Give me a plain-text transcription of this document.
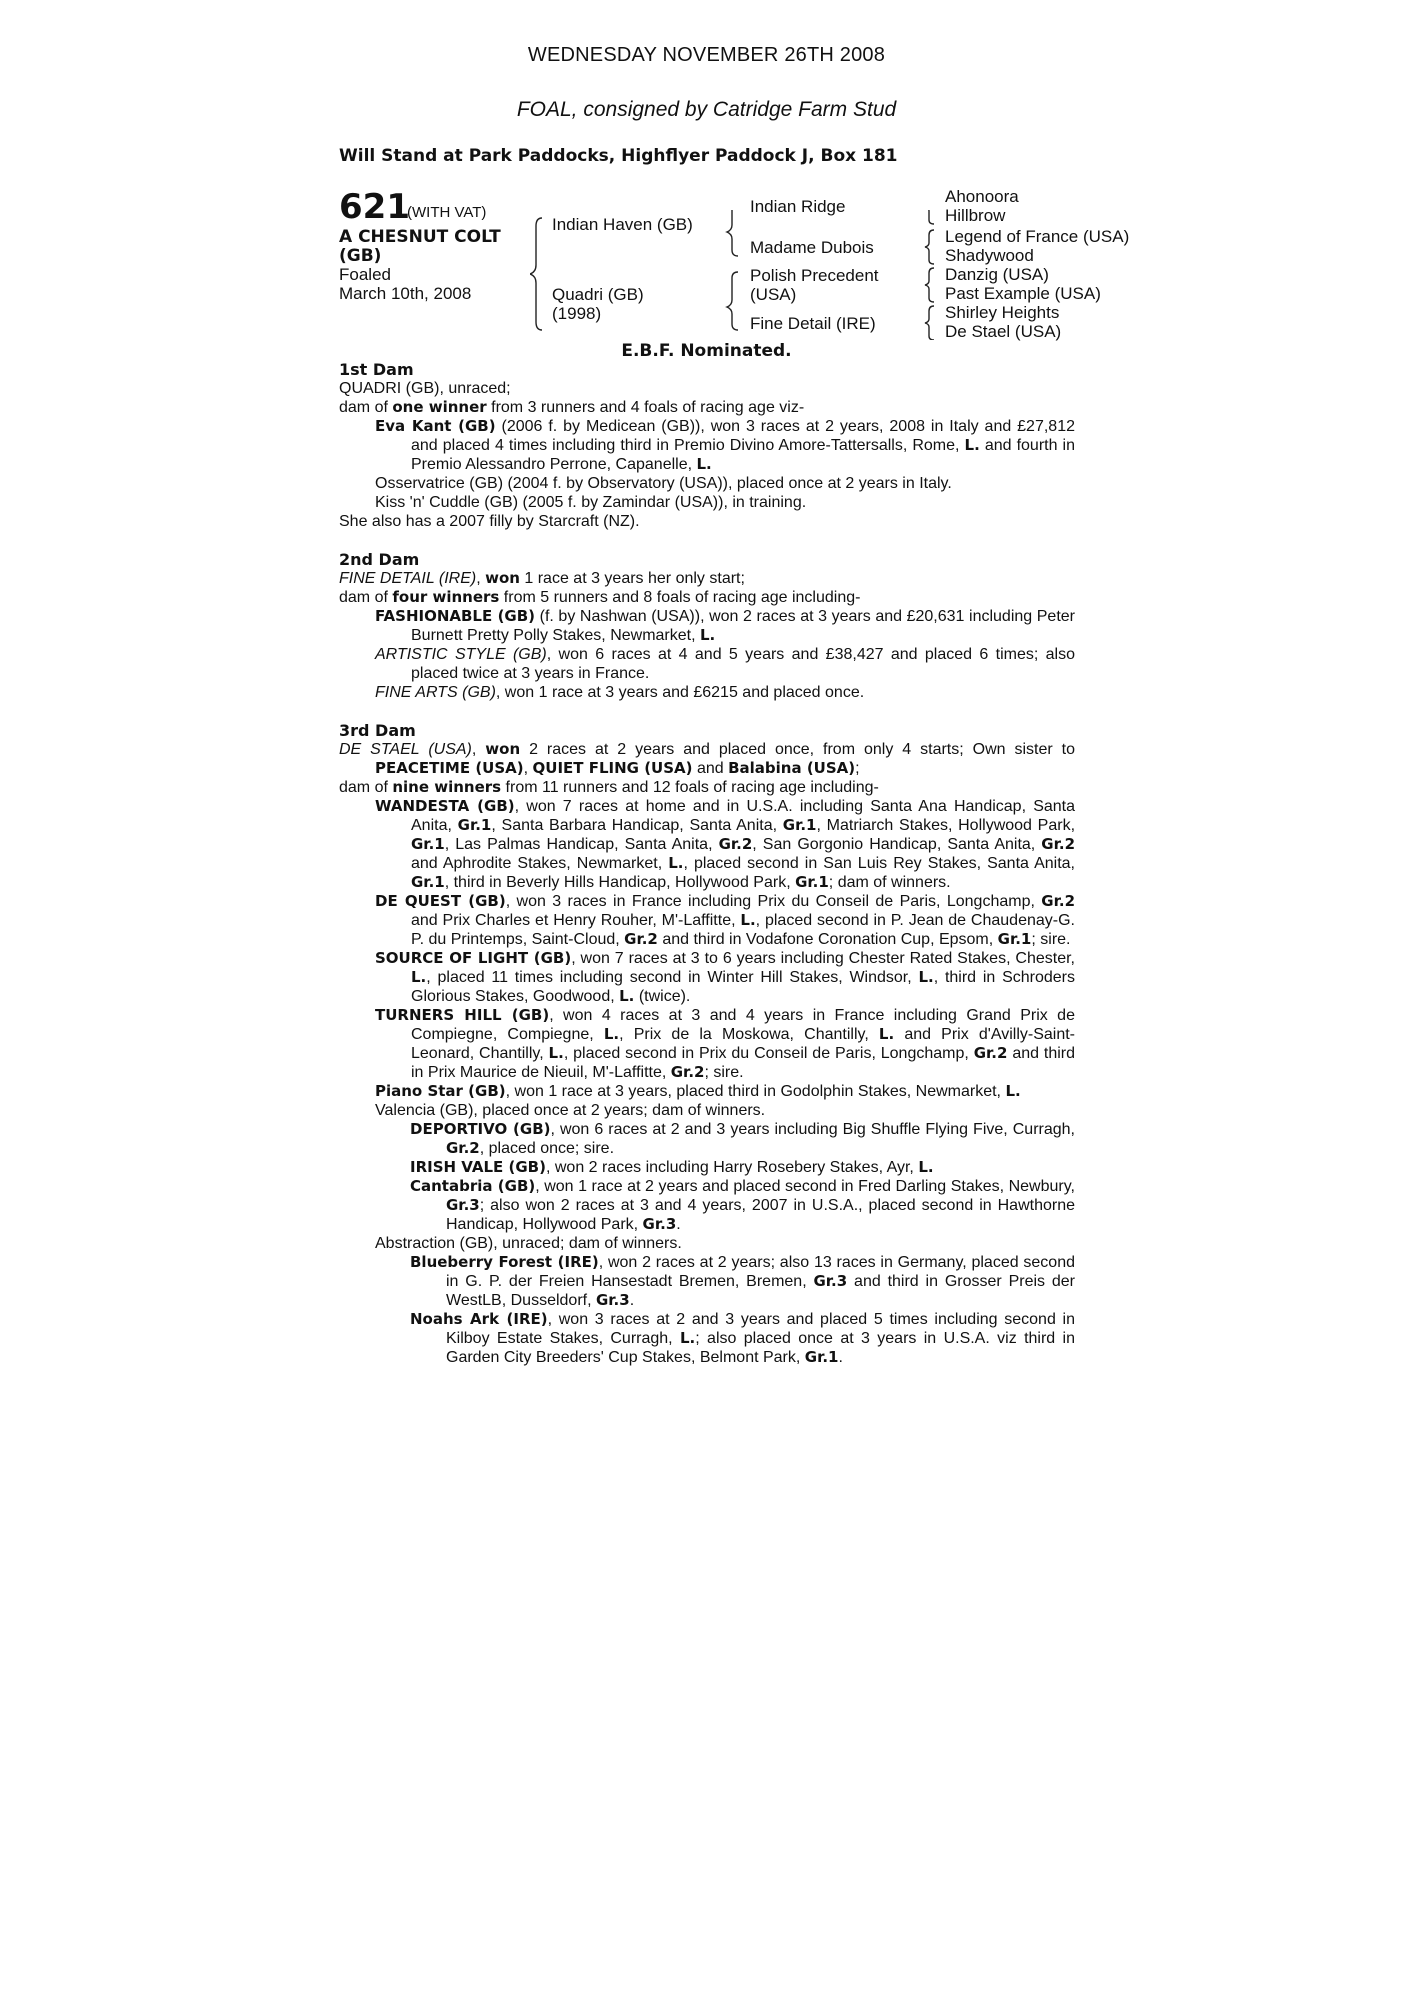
WEDNESDAY NOVEMBER 26TH 2008
FOAL, consigned by Catridge Farm Stud
Will Stand at Park Paddocks, Highflyer Paddock J, Box 181
621
(WITH VAT)
A CHESNUT COLT (GB)
Foaled
March 10th, 2008
Indian Haven (GB)
Quadri (GB)
(1998)
Indian Ridge
Madame Dubois
Polish Precedent
(USA)
Fine Detail (IRE)
Ahonoora
Hillbrow
Legend of France (USA)
Shadywood
Danzig (USA)
Past Example (USA)
Shirley Heights
De Stael (USA)
E.B.F. Nominated.
1st Dam

QUADRI (GB), unraced;

dam of one winner from 3 runners and 4 foals of racing age viz-

Eva Kant (GB) (2006 f. by Medicean (GB)), won 3 races at 2 years, 2008 in Italy and £27,812 and placed 4 times including third in Premio Divino Amore-Tattersalls, Rome, L. and fourth in Premio Alessandro Perrone, Capanelle, L.

Osservatrice (GB) (2004 f. by Observatory (USA)), placed once at 2 years in Italy.

Kiss 'n' Cuddle (GB) (2005 f. by Zamindar (USA)), in training.

She also has a 2007 filly by Starcraft (NZ).

2nd Dam

FINE DETAIL (IRE), won 1 race at 3 years her only start;

dam of four winners from 5 runners and 8 foals of racing age including-

FASHIONABLE (GB) (f. by Nashwan (USA)), won 2 races at 3 years and £20,631 including Peter Burnett Pretty Polly Stakes, Newmarket, L.

ARTISTIC STYLE (GB), won 6 races at 4 and 5 years and £38,427 and placed 6 times; also placed twice at 3 years in France.

FINE ARTS (GB), won 1 race at 3 years and £6215 and placed once.

3rd Dam

DE STAEL (USA), won 2 races at 2 years and placed once, from only 4 starts; Own sister to PEACETIME (USA), QUIET FLING (USA) and Balabina (USA);

dam of nine winners from 11 runners and 12 foals of racing age including-

WANDESTA (GB), won 7 races at home and in U.S.A. including Santa Ana Handicap, Santa Anita, Gr.1, Santa Barbara Handicap, Santa Anita, Gr.1, Matriarch Stakes, Hollywood Park, Gr.1, Las Palmas Handicap, Santa Anita, Gr.2, San Gorgonio Handicap, Santa Anita, Gr.2 and Aphrodite Stakes, Newmarket, L., placed second in San Luis Rey Stakes, Santa Anita, Gr.1, third in Beverly Hills Handicap, Hollywood Park, Gr.1; dam of winners.

DE QUEST (GB), won 3 races in France including Prix du Conseil de Paris, Longchamp, Gr.2 and Prix Charles et Henry Rouher, M'-Laffitte, L., placed second in P. Jean de Chaudenay-G. P. du Printemps, Saint-Cloud, Gr.2 and third in Vodafone Coronation Cup, Epsom, Gr.1; sire.

SOURCE OF LIGHT (GB), won 7 races at 3 to 6 years including Chester Rated Stakes, Chester, L., placed 11 times including second in Winter Hill Stakes, Windsor, L., third in Schroders Glorious Stakes, Goodwood, L. (twice).

TURNERS HILL (GB), won 4 races at 3 and 4 years in France including Grand Prix de Compiegne, Compiegne, L., Prix de la Moskowa, Chantilly, L. and Prix d'Avilly-Saint-Leonard, Chantilly, L., placed second in Prix du Conseil de Paris, Longchamp, Gr.2 and third in Prix Maurice de Nieuil, M'-Laffitte, Gr.2; sire.

Piano Star (GB), won 1 race at 3 years, placed third in Godolphin Stakes, Newmarket, L.

Valencia (GB), placed once at 2 years; dam of winners.

DEPORTIVO (GB), won 6 races at 2 and 3 years including Big Shuffle Flying Five, Curragh, Gr.2, placed once; sire.

IRISH VALE (GB), won 2 races including Harry Rosebery Stakes, Ayr, L.

Cantabria (GB), won 1 race at 2 years and placed second in Fred Darling Stakes, Newbury, Gr.3; also won 2 races at 3 and 4 years, 2007 in U.S.A., placed second in Hawthorne Handicap, Hollywood Park, Gr.3.

Abstraction (GB), unraced; dam of winners.

Blueberry Forest (IRE), won 2 races at 2 years; also 13 races in Germany, placed second in G. P. der Freien Hansestadt Bremen, Bremen, Gr.3 and third in Grosser Preis der WestLB, Dusseldorf, Gr.3.

Noahs Ark (IRE), won 3 races at 2 and 3 years and placed 5 times including second in Kilboy Estate Stakes, Curragh, L.; also placed once at 3 years in U.S.A. viz third in Garden City Breeders' Cup Stakes, Belmont Park, Gr.1.
